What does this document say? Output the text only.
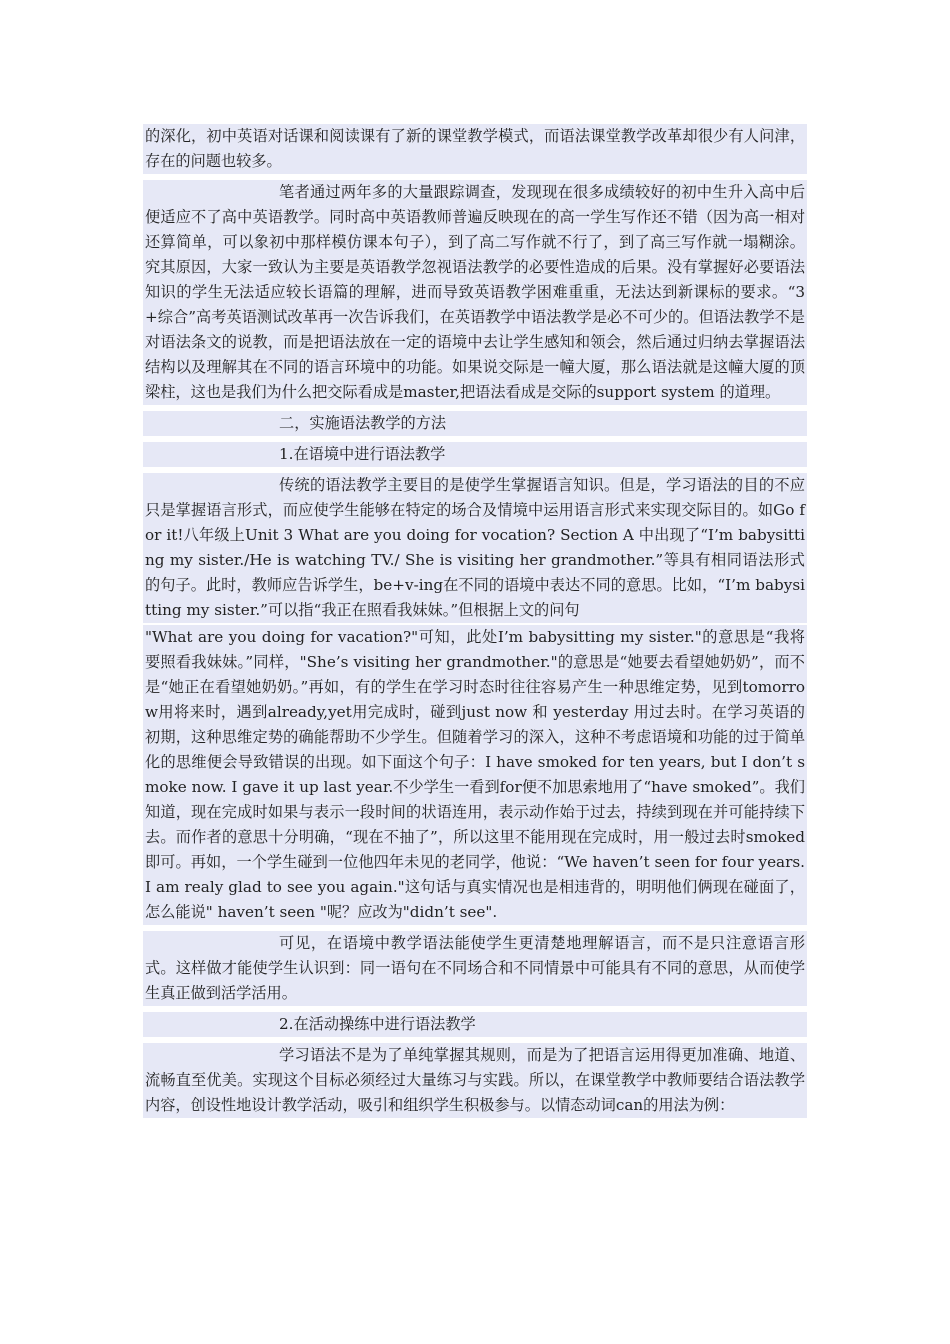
的深化，初中英语对话课和阅读课有了新的课堂教学模式，而语法课堂教学改革却很少有人问津，存在的问题也较多。

笔者通过两年多的大量跟踪调查，发现现在很多成绩较好的初中生升入高中后便适应不了高中英语教学。同时高中英语教师普遍反映现在的高一学生写作还不错（因为高一相对还算简单，可以象初中那样模仿课本句子），到了高二写作就不行了，到了高三写作就一塌糊涂。究其原因，大家一致认为主要是英语教学忽视语法教学的必要性造成的后果。没有掌握好必要语法知识的学生无法适应较长语篇的理解，进而导致英语教学困难重重，无法达到新课标的要求。“3+综合”高考英语测试改革再一次告诉我们，在英语教学中语法教学是必不可少的。但语法教学不是对语法条文的说教，而是把语法放在一定的语境中去让学生感知和领会，然后通过归纳去掌握语法结构以及理解其在不同的语言环境中的功能。如果说交际是一幢大厦，那么语法就是这幢大厦的顶梁柱，这也是我们为什么把交际看成是master,把语法看成是交际的support system 的道理。

二，实施语法教学的方法

1.在语境中进行语法教学

传统的语法教学主要目的是使学生掌握语言知识。但是，学习语法的目的不应只是掌握语言形式，而应使学生能够在特定的场合及情境中运用语言形式来实现交际目的。如Go for it!八年级上Unit 3 What are you doing for vocation? Section A 中出现了“I’m babysitting my sister./He is watching TV./ She is visiting her grandmother.”等具有相同语法形式的句子。此时，教师应告诉学生，be+v-ing在不同的语境中表达不同的意思。比如，“I’m babysitting my sister.”可以指“我正在照看我妹妹。”但根据上文的问句

"What are you doing for vacation?"可知，此处I’m babysitting my sister."的意思是“我将要照看我妹妹。”同样，"She’s visiting her grandmother."的意思是“她要去看望她奶奶”，而不是“她正在看望她奶奶。”再如，有的学生在学习时态时往往容易产生一种思维定势，见到tomorrow用将来时，遇到already,yet用完成时，碰到just now 和 yesterday 用过去时。在学习英语的初期，这种思维定势的确能帮助不少学生。但随着学习的深入，这种不考虑语境和功能的过于简单化的思维便会导致错误的出现。如下面这个句子：I have smoked for ten years, but I don’t smoke now. I gave it up last year.不少学生一看到for便不加思索地用了“have smoked”。我们知道，现在完成时如果与表示一段时间的状语连用，表示动作始于过去，持续到现在并可能持续下去。而作者的意思十分明确，“现在不抽了”，所以这里不能用现在完成时，用一般过去时smoked 即可。再如，一个学生碰到一位他四年未见的老同学，他说：“We haven’t seen for four years.I am realy glad to see you again."这句话与真实情况也是相违背的，明明他们俩现在碰面了，怎么能说" haven’t seen "呢？应改为"didn’t see".

可见，在语境中教学语法能使学生更清楚地理解语言，而不是只注意语言形式。这样做才能使学生认识到：同一语句在不同场合和不同情景中可能具有不同的意思，从而使学生真正做到活学活用。

2.在活动操练中进行语法教学

学习语法不是为了单纯掌握其规则，而是为了把语言运用得更加准确、地道、流畅直至优美。实现这个目标必须经过大量练习与实践。所以，在课堂教学中教师要结合语法教学内容，创设性地设计教学活动，吸引和组织学生积极参与。以情态动词can的用法为例：
